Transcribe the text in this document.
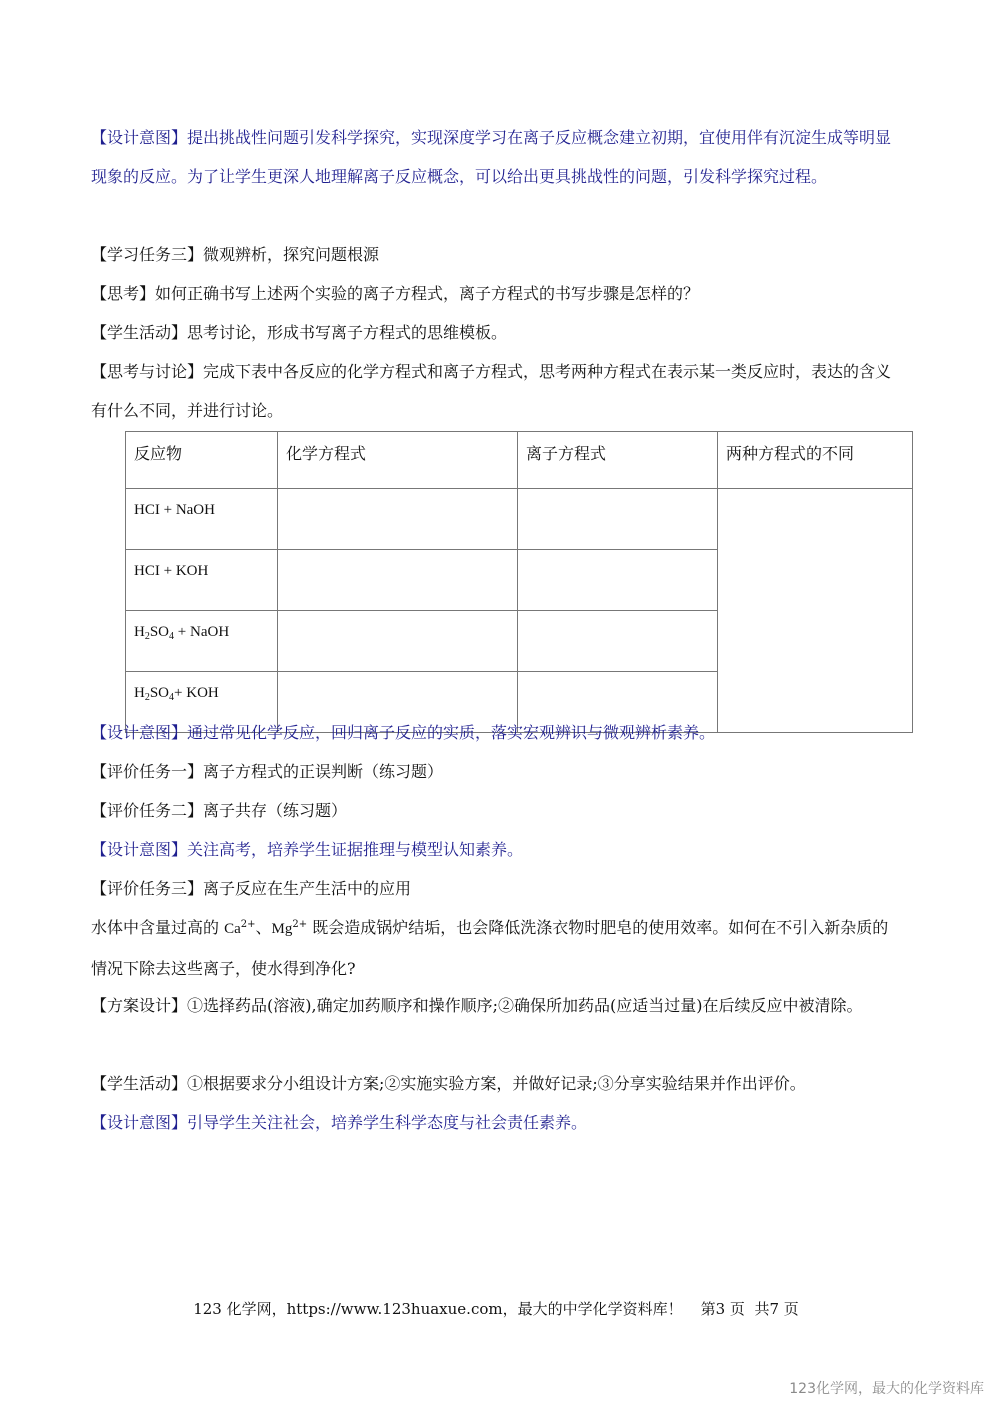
【设计意图】提出挑战性问题引发科学探究，实现深度学习在离子反应概念建立初期，宜使用伴有沉淀生成等明显现象的反应。为了让学生更深人地理解离子反应概念，可以给出更具挑战性的问题，引发科学探究过程。

【学习任务三】微观辨析，探究问题根源

【思考】如何正确书写上述两个实验的离子方程式，离子方程式的书写步骤是怎样的？

【学生活动】思考讨论，形成书写离子方程式的思维模板。

【思考与讨论】完成下表中各反应的化学方程式和离子方程式，思考两种方程式在表示某一类反应时，表达的含义有什么不同，并进行讨论。

反应物	化学方程式	离子方程式	两种方程式的不同
HCI + NaOH			
HCI + KOH			
$H_2SO_4$ + NaOH			
$H_2SO_4+$ KOH			

【设计意图】通过常见化学反应，回归离子反应的实质，落实宏观辨识与微观辨析素养。

【评价任务一】离子方程式的正误判断（练习题）

【评价任务二】离子共存（练习题）

【设计意图】关注高考，培养学生证据推理与模型认知素养。

【评价任务三】离子反应在生产生活中的应用

水体中含量过高的 $Ca^{2+}$、$Mg^{2+}$ 既会造成锅炉结垢，也会降低洗涤衣物时肥皂的使用效率。如何在不引入新杂质的情况下除去这些离子，使水得到净化?

【方案设计】①选择药品(溶液),确定加药顺序和操作顺序;②确保所加药品(应适当过量)在后续反应中被清除。

【学生活动】①根据要求分小组设计方案;②实施实验方案，并做好记录;③分享实验结果并作出评价。

【设计意图】引导学生关注社会，培养学生科学态度与社会责任素养。

123 化学网，https://www.123huaxue.com，最大的中学化学资料库！ 第3 页  共7 页
123化学网，最大的化学资料库
